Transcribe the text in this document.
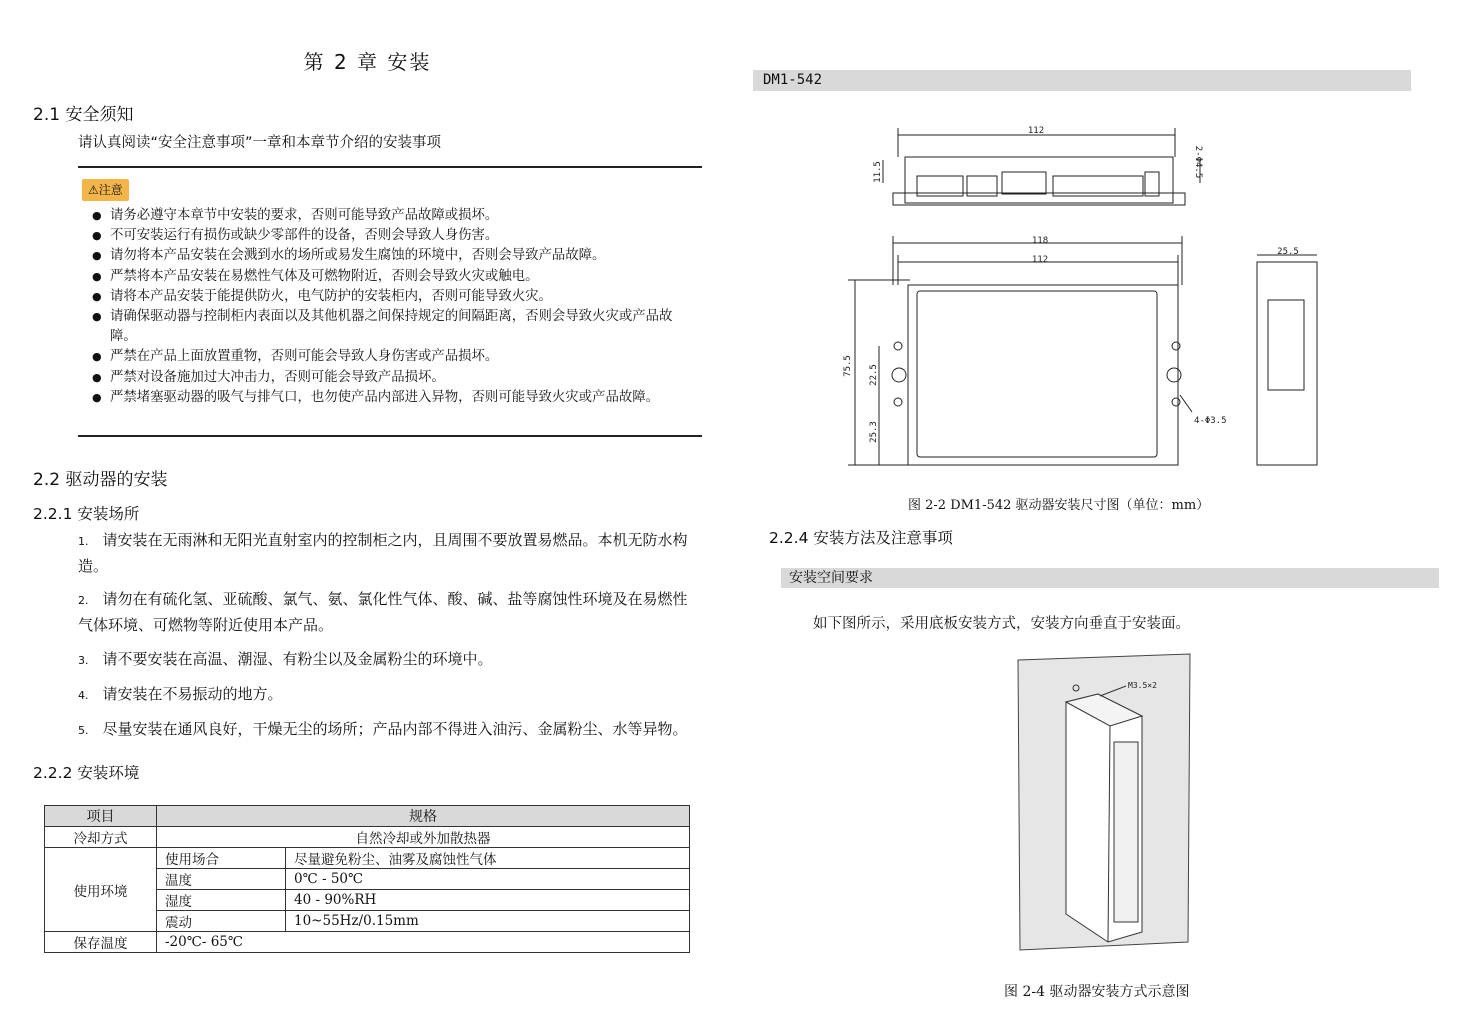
第 2 章 安装
2.1 安全须知
请认真阅读“安全注意事项”一章和本章节介绍的安装事项
⚠注意
● 请务必遵守本章节中安装的要求，否则可能导致产品故障或损坏。
● 不可安装运行有损伤或缺少零部件的设备，否则会导致人身伤害。
● 请勿将本产品安装在会溅到水的场所或易发生腐蚀的环境中，否则会导致产品故障。
● 严禁将本产品安装在易燃性气体及可燃物附近，否则会导致火灾或触电。
● 请将本产品安装于能提供防火，电气防护的安装柜内，否则可能导致火灾。
● 请确保驱动器与控制柜内表面以及其他机器之间保持规定的间隔距离，否则会导致火灾或产品故障。
● 严禁在产品上面放置重物，否则可能会导致人身伤害或产品损坏。
● 严禁对设备施加过大冲击力，否则可能会导致产品损坏。
● 严禁堵塞驱动器的吸气与排气口，也勿使产品内部进入异物，否则可能导致火灾或产品故障。
2.2 驱动器的安装
2.2.1 安装场所
1. 请安装在无雨淋和无阳光直射室内的控制柜之内，且周围不要放置易燃品。本机无防水构造。
2. 请勿在有硫化氢、亚硫酸、氯气、氨、氯化性气体、酸、碱、盐等腐蚀性环境及在易燃性气体环境、可燃物等附近使用本产品。
3. 请不要安装在高温、潮湿、有粉尘以及金属粉尘的环境中。
4. 请安装在不易振动的地方。
5. 尽量安装在通风良好，干燥无尘的场所；产品内部不得进入油污、金属粉尘、水等异物。
2.2.2 安装环境
项目	规格	
冷却方式	自然冷却或外加散热器	
使用环境	使用场合	尽量避免粉尘、油雾及腐蚀性气体
	温度	0℃ - 50℃
	湿度	40 - 90%RH
	震动	10~55Hz/0.15mm
保存温度	-20℃- 65℃	
DM1-542
112
118
112
25.5
4-Φ3.5
11.5	2-Φ4.5
75.5 22.5
25.3
图 2-2 DM1-542 驱动器安装尺寸图（单位：mm）
2.2.4 安装方法及注意事项
安装空间要求
如下图所示，采用底板安装方式，安装方向垂直于安装面。
M3.5×2
图 2-4 驱动器安装方式示意图
